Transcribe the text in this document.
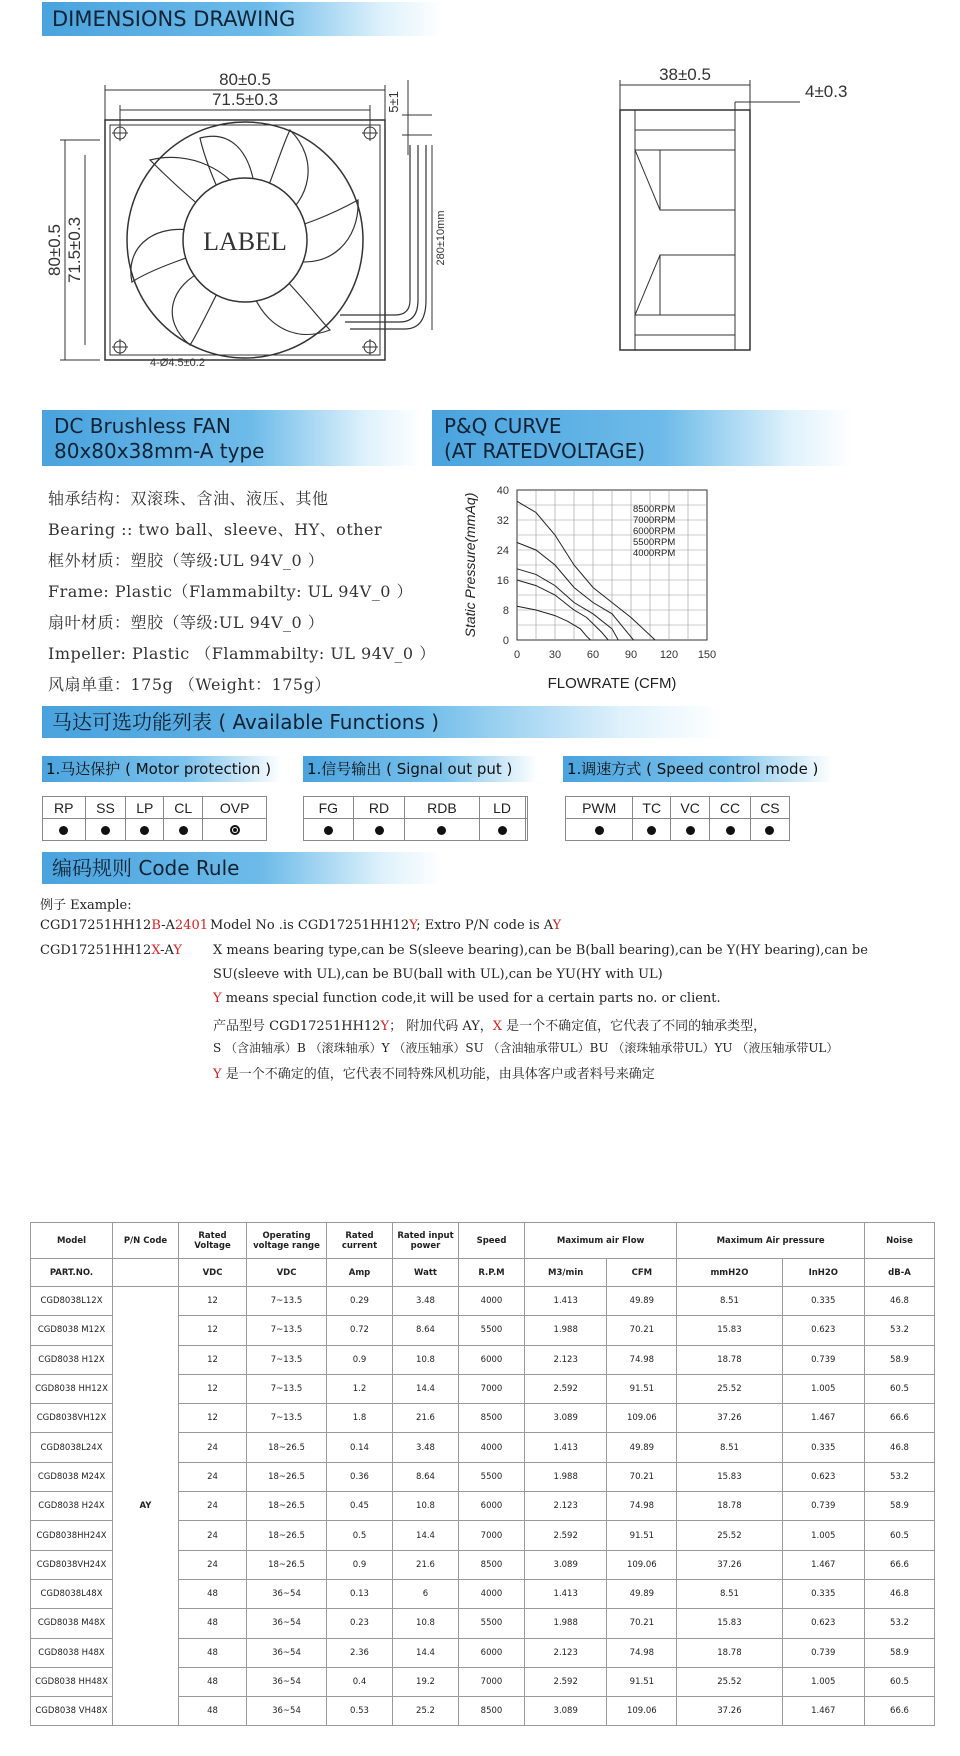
DIMENSIONS DRAWING
80±0.5
71.5±0.3
80±0.5 71.5±0.3	LABEL
5±1
280±10mm
4-Ø4.5±0.2
38±0.5
4±0.3
DC Brushless FAN
80x80x38mm-A type
轴承结构：双滚珠、含油、液压、其他
Bearing :: two ball、sleeve、HY、other
框外材质：塑胶（等级:UL 94V_0 ）
Frame: Plastic（Flammabilty: UL 94V_0 ）
扇叶材质：塑胶（等级:UL 94V_0 ）
Impeller: Plastic （Flammabilty: UL 94V_0 ）
风扇单重：175g （Weight：175g）
P&Q CURVE
(AT RATEDVOLTAGE)
0	30 60 90 120 150
0
8
16
24
32
40
FLOWRATE (CFM)
Static Pressure(mmAq)	8500RPM
7000RPM
6000RPM
5500RPM
4000RPM
马达可选功能列表 ( Available Functions )
1.马达保护 ( Motor protection )
RP	SS	LP	CL	OVP

1.信号输出 ( Signal out put )
FG	RD	RDB	LD	

1.调速方式 ( Speed control mode )
PWM	TC	VC	CC	CS

编码规则 Code Rule
例子 Example:
CGD17251HH12B-A2401 Model No .is CGD17251HH12Y; Extro P/N code is AY
CGD17251HH12X-AY X means bearing type,can be S(sleeve bearing),can be B(ball bearing),can be Y(HY bearing),can be
SU(sleeve with UL),can be BU(ball with UL),can be YU(HY with UL)
Y means special function code,it will be used for a certain parts no. or client.
产品型号 CGD17251HH12Y； 附加代码 AY，X 是一个不确定值，它代表了不同的轴承类型，
S （含油轴承）B （滚珠轴承）Y （液压轴承）SU （含油轴承带UL）BU （滚珠轴承带UL）YU （液压轴承带UL）
Y 是一个不确定的值，它代表不同特殊风机功能，由具体客户或者料号来确定
Model	P/N Code	Rated Voltage	Operating voltage range	Rated current	Rated input power	Speed	Maximum air Flow		Maximum Air pressure		Noise
PART.NO.		VDC	VDC	Amp	Watt	R.P.M	M3/min	CFM	mmH2O	InH2O	dB-A
CGD8038L12X	AY	12	7~13.5	0.29	3.48	4000	1.413	49.89	8.51	0.335	46.8
CGD8038 M12X		12	7~13.5	0.72	8.64	5500	1.988	70.21	15.83	0.623	53.2
CGD8038 H12X		12	7~13.5	0.9	10.8	6000	2.123	74.98	18.78	0.739	58.9
CGD8038 HH12X		12	7~13.5	1.2	14.4	7000	2.592	91.51	25.52	1.005	60.5
CGD8038VH12X		12	7~13.5	1.8	21.6	8500	3.089	109.06	37.26	1.467	66.6
CGD8038L24X		24	18~26.5	0.14	3.48	4000	1.413	49.89	8.51	0.335	46.8
CGD8038 M24X		24	18~26.5	0.36	8.64	5500	1.988	70.21	15.83	0.623	53.2
CGD8038 H24X		24	18~26.5	0.45	10.8	6000	2.123	74.98	18.78	0.739	58.9
CGD8038HH24X		24	18~26.5	0.5	14.4	7000	2.592	91.51	25.52	1.005	60.5
CGD8038VH24X		24	18~26.5	0.9	21.6	8500	3.089	109.06	37.26	1.467	66.6
CGD8038L48X		48	36~54	0.13	6	4000	1.413	49.89	8.51	0.335	46.8
CGD8038 M48X		48	36~54	0.23	10.8	5500	1.988	70.21	15.83	0.623	53.2
CGD8038 H48X		48	36~54	2.36	14.4	6000	2.123	74.98	18.78	0.739	58.9
CGD8038 HH48X		48	36~54	0.4	19.2	7000	2.592	91.51	25.52	1.005	60.5
CGD8038 VH48X		48	36~54	0.53	25.2	8500	3.089	109.06	37.26	1.467	66.6
